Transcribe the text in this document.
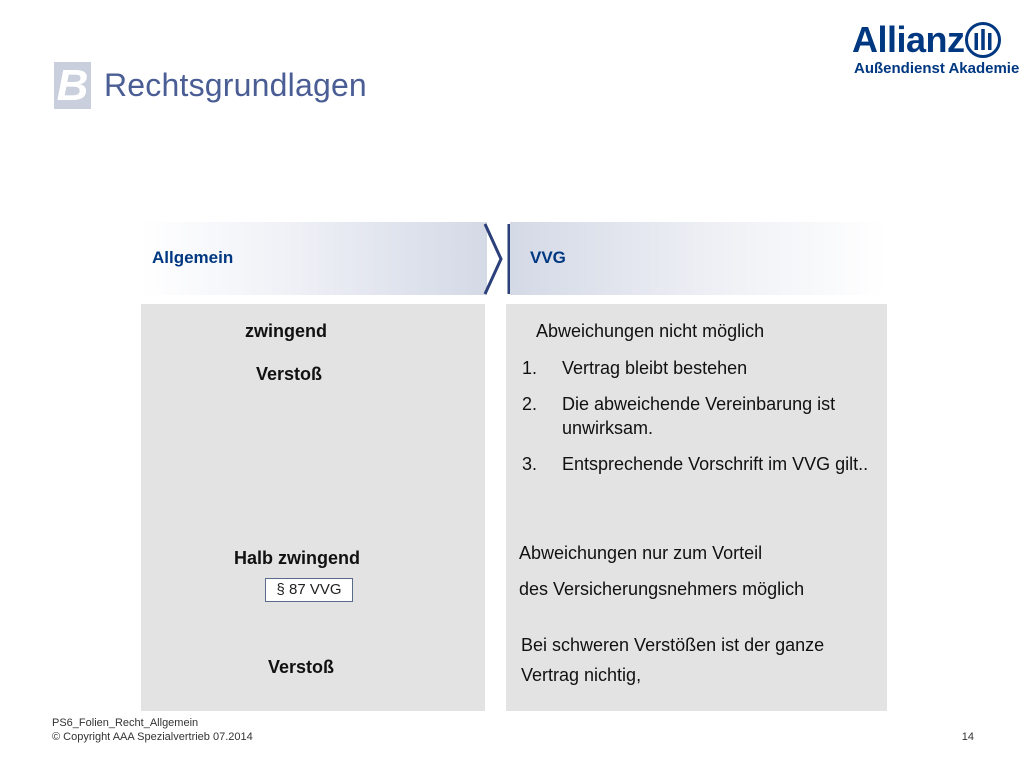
B Rechtsgrundlagen
Allianz
Außendienst Akademie
Allgemein	VVG
zwingend
Verstoß
Halb zwingend
§ 87 VVG
Verstoß
Abweichungen nicht möglich
1. Vertrag bleibt bestehen
2. Die abweichende Vereinbarung ist unwirksam.
3. Entsprechende Vorschrift im VVG gilt..
Abweichungen nur zum Vorteil
des Versicherungsnehmers möglich
Bei schweren Verstößen ist der ganze
Vertrag nichtig,
PS6_Folien_Recht_Allgemein
© Copyright AAA Spezialvertrieb 07.2014	14
